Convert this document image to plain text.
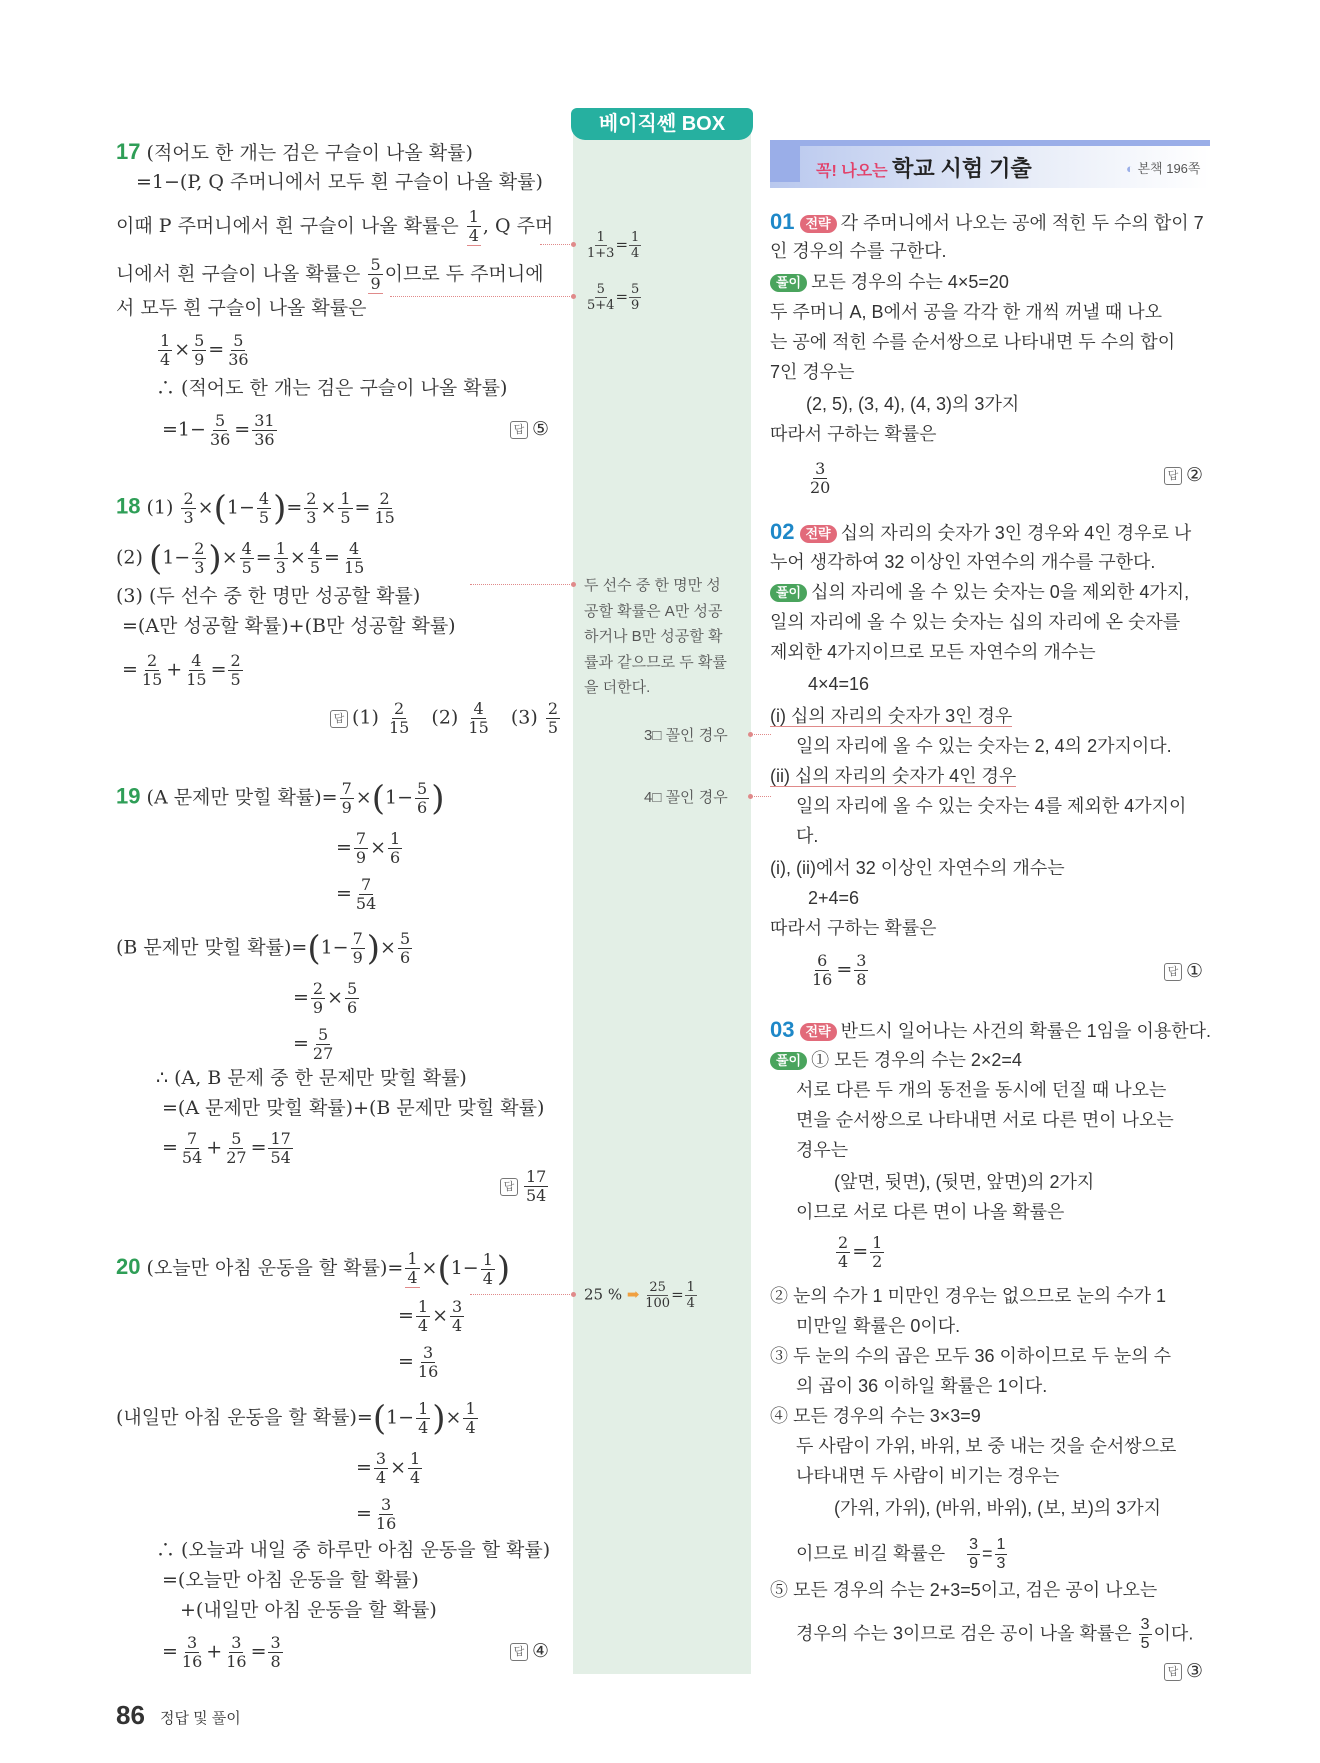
17 (적어도 한 개는 검은 구슬이 나올 확률)
=1−(P, Q 주머니에서 모두 흰 구슬이 나올 확률)
이때 P 주머니에서 흰 구슬이 나올 확률은 $\frac{1}{4}$ , Q 주머
니에서 흰 구슬이 나올 확률은 $\frac{5}{9}$ 이므로 두 주머니에
서 모두 흰 구슬이 나올 확률은
$\frac{1}{4} \times \frac{5}{9} = \frac{5}{36}$
∴ (적어도 한 개는 검은 구슬이 나올 확률)
$=1- \frac{5}{36} = \frac{31}{36}$	답 ⑤
18 $(1) \frac{2}{3} \times(1- \frac{4}{5}$ )= $\frac{2}{3} \times \frac{1}{5} = \frac{2}{15}$
(2) ($1- \frac{2}{3}$ )× $\frac{4}{5} = \frac{1}{3} \times \frac{4}{5} = \frac{4}{15}$
(3) (두 선수 중 한 명만 성공할 확률)
=(A만 성공할 확률)+(B만 성공할 확률)
= $\frac{2}{15} + \frac{4}{15} = \frac{2}{5}$
답 $(1) \frac{2}{15} (2) \frac{4}{15} (3) \frac{2}{5}$
19 (A 문제만 맞힐 확률)= $\frac{7}{9} \times(1- \frac{5}{6}$ )
= $\frac{7}{9} \times \frac{1}{6}$
= $\frac{7}{54}$
(B 문제만 맞힐 확률)$=(1- \frac{7}{9}$ )× $\frac{5}{6}$
= $\frac{2}{9} \times \frac{5}{6}$
= $\frac{5}{27}$
∴ (A, B 문제 중 한 문제만 맞힐 확률)
=(A 문제만 맞힐 확률)+(B 문제만 맞힐 확률)
= $\frac{7}{54} + \frac{5}{27} = \frac{17}{54}$
답 $\frac{17}{54}$
20 (오늘만 아침 운동을 할 확률)= $\frac{1}{4} \times(1- \frac{1}{4}$ )
= $\frac{1}{4} \times \frac{3}{4}$
= $\frac{3}{16}$
(내일만 아침 운동을 할 확률)$=(1- \frac{1}{4}$ )× $\frac{1}{4}$
= $\frac{3}{4} \times \frac{1}{4}$
= $\frac{3}{16}$
∴ (오늘과 내일 중 하루만 아침 운동을 할 확률)
=(오늘만 아침 운동을 할 확률)
+(내일만 아침 운동을 할 확률)
= $\frac{3}{16} + \frac{3}{16} = \frac{3}{8}$	답 ④
86 정답 및 풀이
베이직쎈 BOX
$\frac{1}{1+3} = \frac{1}{4}$
$\frac{5}{5+4} = \frac{5}{9}$
두 선수 중 한 명만 성
공할 확률은 A만 성공
하거나 B만 성공할 확
률과 같으므로 두 확률
을 더한다.
3□ 꼴인 경우
4□ 꼴인 경우
25 % ➡ $\frac{25}{100} = \frac{1}{4}$
꼭! 나오는 학교 시험 기출	◐ 본책 196쪽
01 전략 각 주머니에서 나오는 공에 적힌 두 수의 합이 7
인 경우의 수를 구한다.
풀이 모든 경우의 수는 4×5=20
두 주머니 A, B에서 공을 각각 한 개씩 꺼낼 때 나오
는 공에 적힌 수를 순서쌍으로 나타내면 두 수의 합이
7인 경우는
(2, 5), (3, 4), (4, 3)의 3가지
따라서 구하는 확률은
$\frac{3}{20}$	답 ②
02 전략 십의 자리의 숫자가 3인 경우와 4인 경우로 나
누어 생각하여 32 이상인 자연수의 개수를 구한다.
풀이 십의 자리에 올 수 있는 숫자는 0을 제외한 4가지,
일의 자리에 올 수 있는 숫자는 십의 자리에 온 숫자를
제외한 4가지이므로 모든 자연수의 개수는
4×4=16
(i) 십의 자리의 숫자가 3인 경우
일의 자리에 올 수 있는 숫자는 2, 4의 2가지이다.
(ii) 십의 자리의 숫자가 4인 경우
일의 자리에 올 수 있는 숫자는 4를 제외한 4가지이
다.
(i), (ii)에서 32 이상인 자연수의 개수는
2+4=6
따라서 구하는 확률은
$\frac{6}{16} = \frac{3}{8}$	답 ①
03 전략 반드시 일어나는 사건의 확률은 1임을 이용한다.
풀이 ① 모든 경우의 수는 2×2=4
서로 다른 두 개의 동전을 동시에 던질 때 나오는
면을 순서쌍으로 나타내면 서로 다른 면이 나오는
경우는
(앞면, 뒷면), (뒷면, 앞면)의 2가지
이므로 서로 다른 면이 나올 확률은
$\frac{2}{4} = \frac{1}{2}$
② 눈의 수가 1 미만인 경우는 없으므로 눈의 수가 1
미만일 확률은 0이다.
③ 두 눈의 수의 곱은 모두 36 이하이므로 두 눈의 수
의 곱이 36 이하일 확률은 1이다.
④ 모든 경우의 수는 3×3=9
두 사람이 가위, 바위, 보 중 내는 것을 순서쌍으로
나타내면 두 사람이 비기는 경우는
(가위, 가위), (바위, 바위), (보, 보)의 3가지
이므로 비길 확률은 $\frac{3}{9} = \frac{1}{3}$
⑤ 모든 경우의 수는 2+3=5이고, 검은 공이 나오는
경우의 수는 3이므로 검은 공이 나올 확률은 $\frac{3}{5}$ 이다.
답 ③
